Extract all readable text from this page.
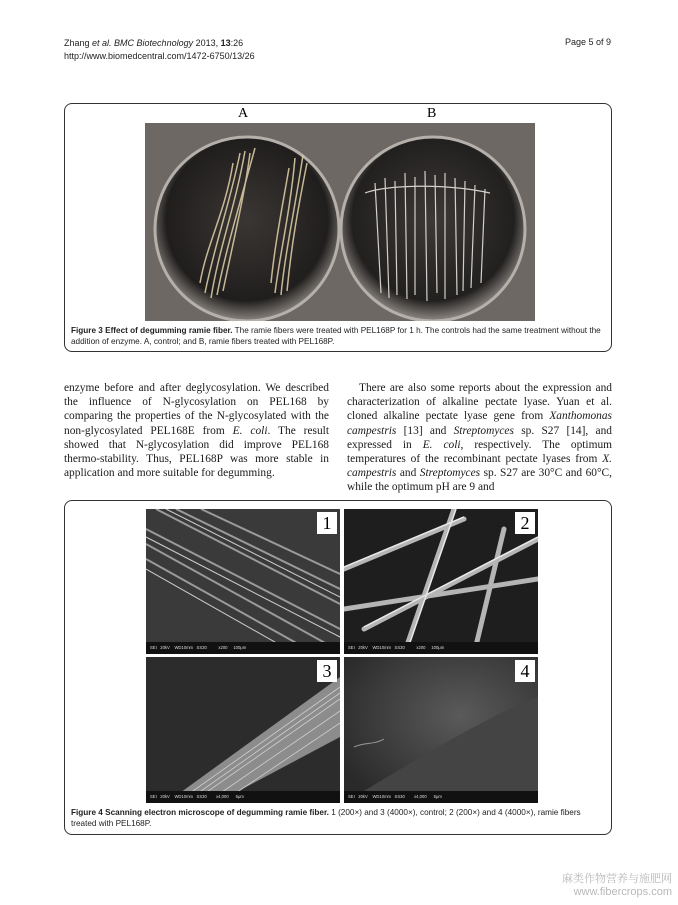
Zhang et al. BMC Biotechnology 2013, 13:26
http://www.biomedcentral.com/1472-6750/13/26
Page 5 of 9
A	B
Figure 3 Effect of degumming ramie fiber. The ramie fibers were treated with PEL168P for 1 h. The controls had the same treatment without the addition of enzyme. A, control; and B, ramie fibers treated with PEL168P.
enzyme before and after deglycosylation. We described the influence of N-glycosylation on PEL168 by comparing the properties of the N-glycosylated with the non-glycosylated PEL168E from E. coli. The result showed that N-glycosylation did improve PEL168 thermo-stability. Thus, PEL168P was more stable in application and more suitable for degumming.
There are also some reports about the expression and characterization of alkaline pectate lyase. Yuan et al. cloned alkaline pectate lyase gene from Xanthomonas campestris [13] and Streptomyces sp. S27 [14], and expressed in E. coli, respectively. The optimum temperatures of the recombinant pectate lyases from X. campestris and Streptomyces sp. S27 are 30°C and 60°C, while the optimum pH are 9 and
1
SEI   20kV    WD10mm   SS30          x200     100μm
2
SEI   20kV    WD10mm   SS30          x200     100μm
3
SEI   20kV    WD10mm   SS30        x4,000      5μm
4
SEI   20kV    WD10mm   SS30        x4,000      5μm
Figure 4 Scanning electron microscope of degumming ramie fiber. 1 (200×) and 3 (4000×), control; 2 (200×) and 4 (4000×), ramie fibers treated with PEL168P.
麻类作物营养与施肥网
www.fibercrops.com
